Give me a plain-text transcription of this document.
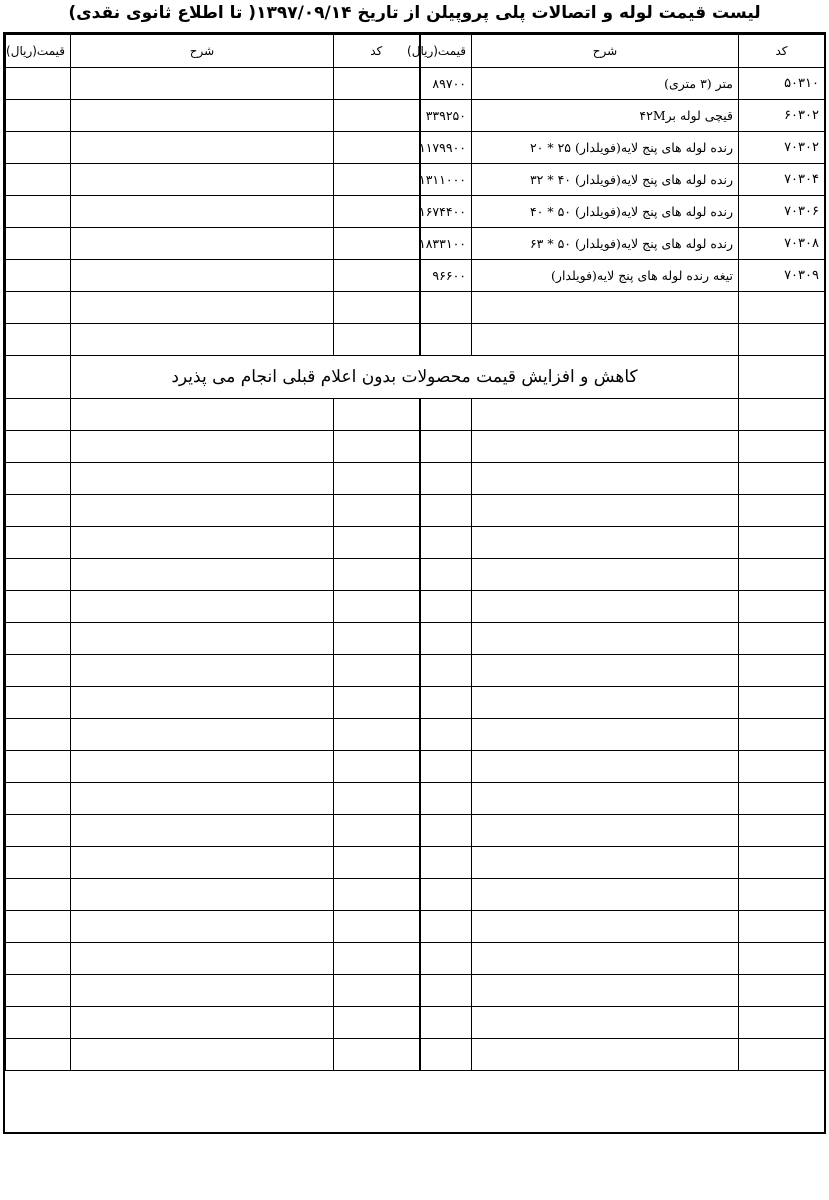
لیست قیمت لوله و اتصالات پلی پروپیلن از تاریخ ۱۳۹۷/۰۹/۱۴( تا اطلاع ثانوی نقدی)
کد	شرح	قیمت(ریال)	کد	شرح	قیمت(ریال)
۵۰۳۱۰	متر (۳ متری)	۸۹۷۰۰			
۶۰۳۰۲	قیچی لوله بر۴۲M	۳۳۹۲۵۰			
۷۰۳۰۲	رنده لوله های پنج لایه(فویلدار) ۲۵ * ۲۰	۱۱۷۹۹۰۰			
۷۰۳۰۴	رنده لوله های پنج لایه(فویلدار) ۴۰ * ۳۲	۱۳۱۱۰۰۰			
۷۰۳۰۶	رنده لوله های پنج لایه(فویلدار) ۵۰ * ۴۰	۱۶۷۴۴۰۰			
۷۰۳۰۸	رنده لوله های پنج لایه(فویلدار) ۵۰ * ۶۳	۱۸۳۳۱۰۰			
۷۰۳۰۹	تیغه رنده لوله های پنج لایه(فویلدار)	۹۶۶۰۰			

	کاهش و افزایش قیمت محصولات بدون اعلام قبلی انجام می پذیرد				
